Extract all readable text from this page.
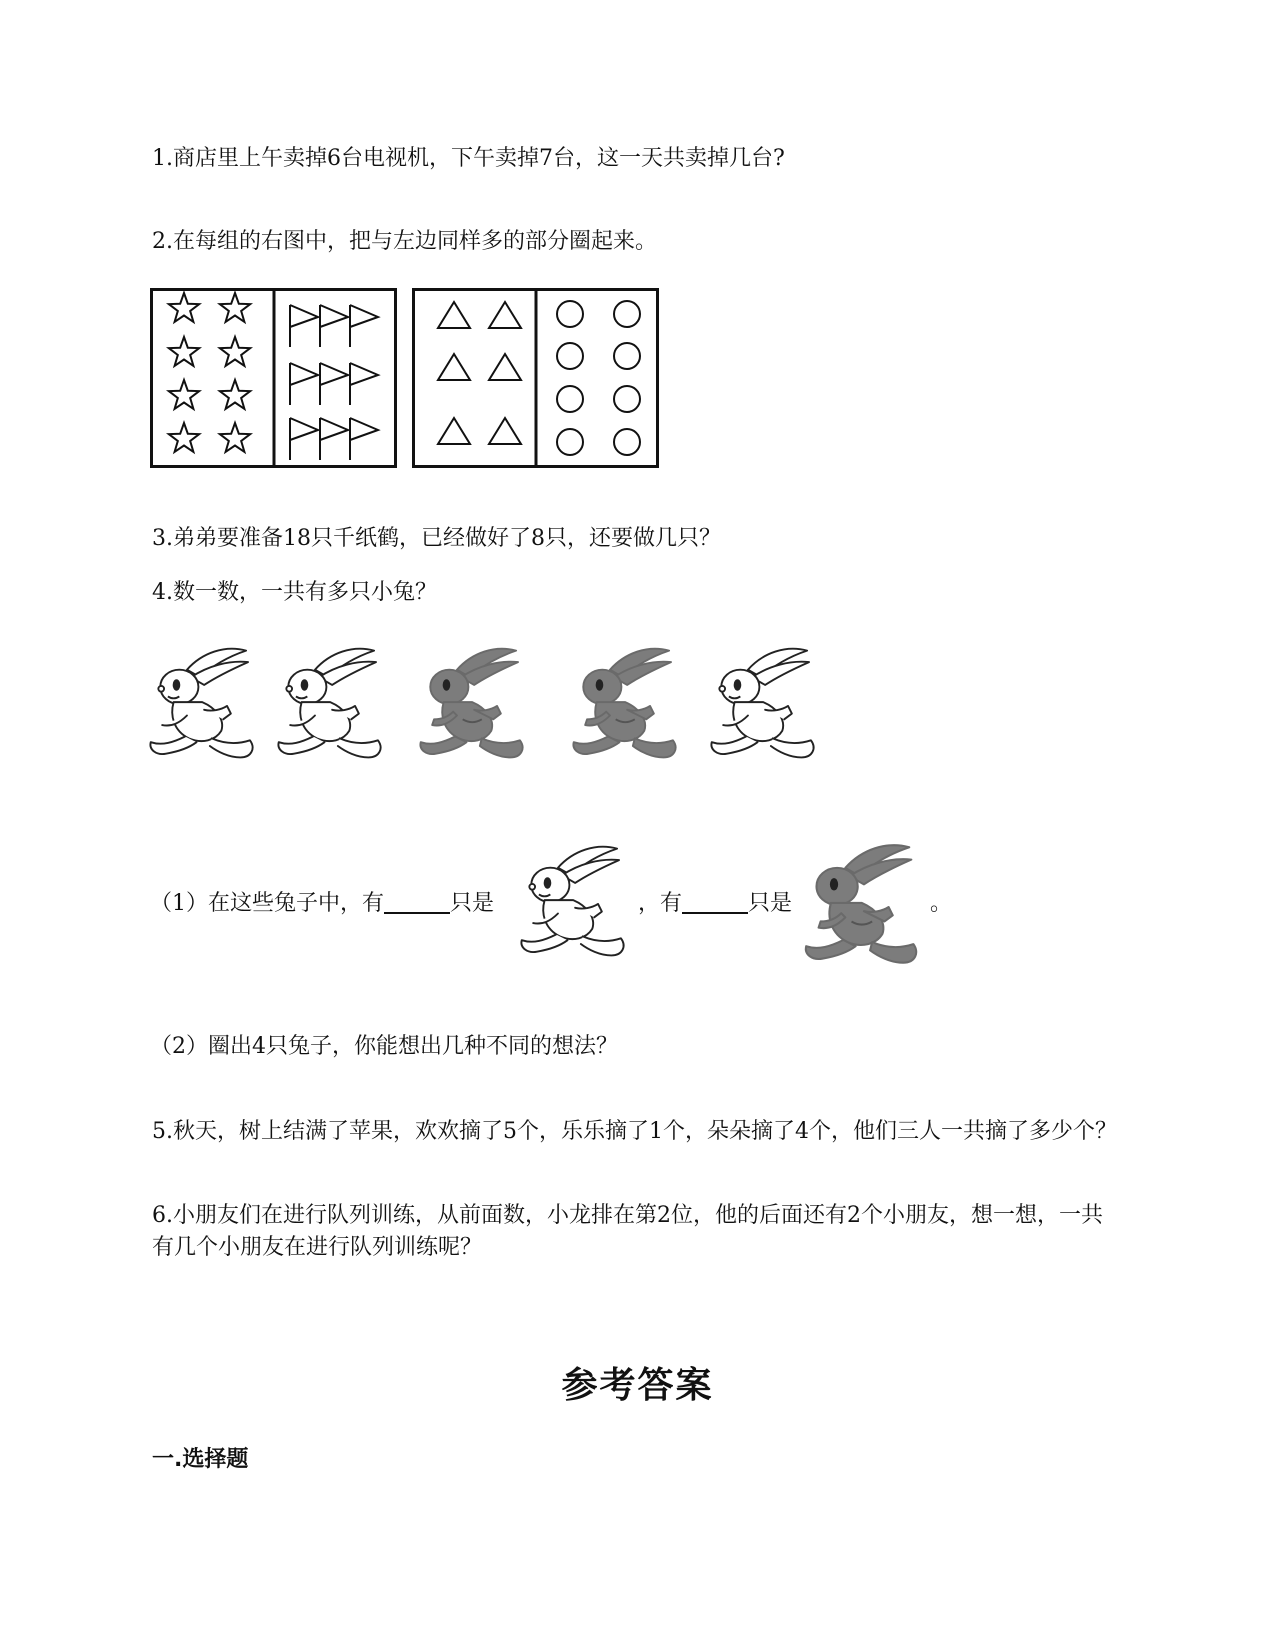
1.商店里上午卖掉6台电视机，下午卖掉7台，这一天共卖掉几台?
2.在每组的右图中，把与左边同样多的部分圈起来。
3.弟弟要准备18只千纸鹤，已经做好了8只，还要做几只？
4.数一数，一共有多只小兔？
（1）在这些兔子中，有	只是	，有	只是	。
（2）圈出4只兔子，你能想出几种不同的想法？
5.秋天，树上结满了苹果，欢欢摘了5个，乐乐摘了1个，朵朵摘了4个，他们三人一共摘了多少个？
6.小朋友们在进行队列训练，从前面数，小龙排在第2位，他的后面还有2个小朋友，想一想，一共有几个小朋友在进行队列训练呢？
参考答案
一.选择题
